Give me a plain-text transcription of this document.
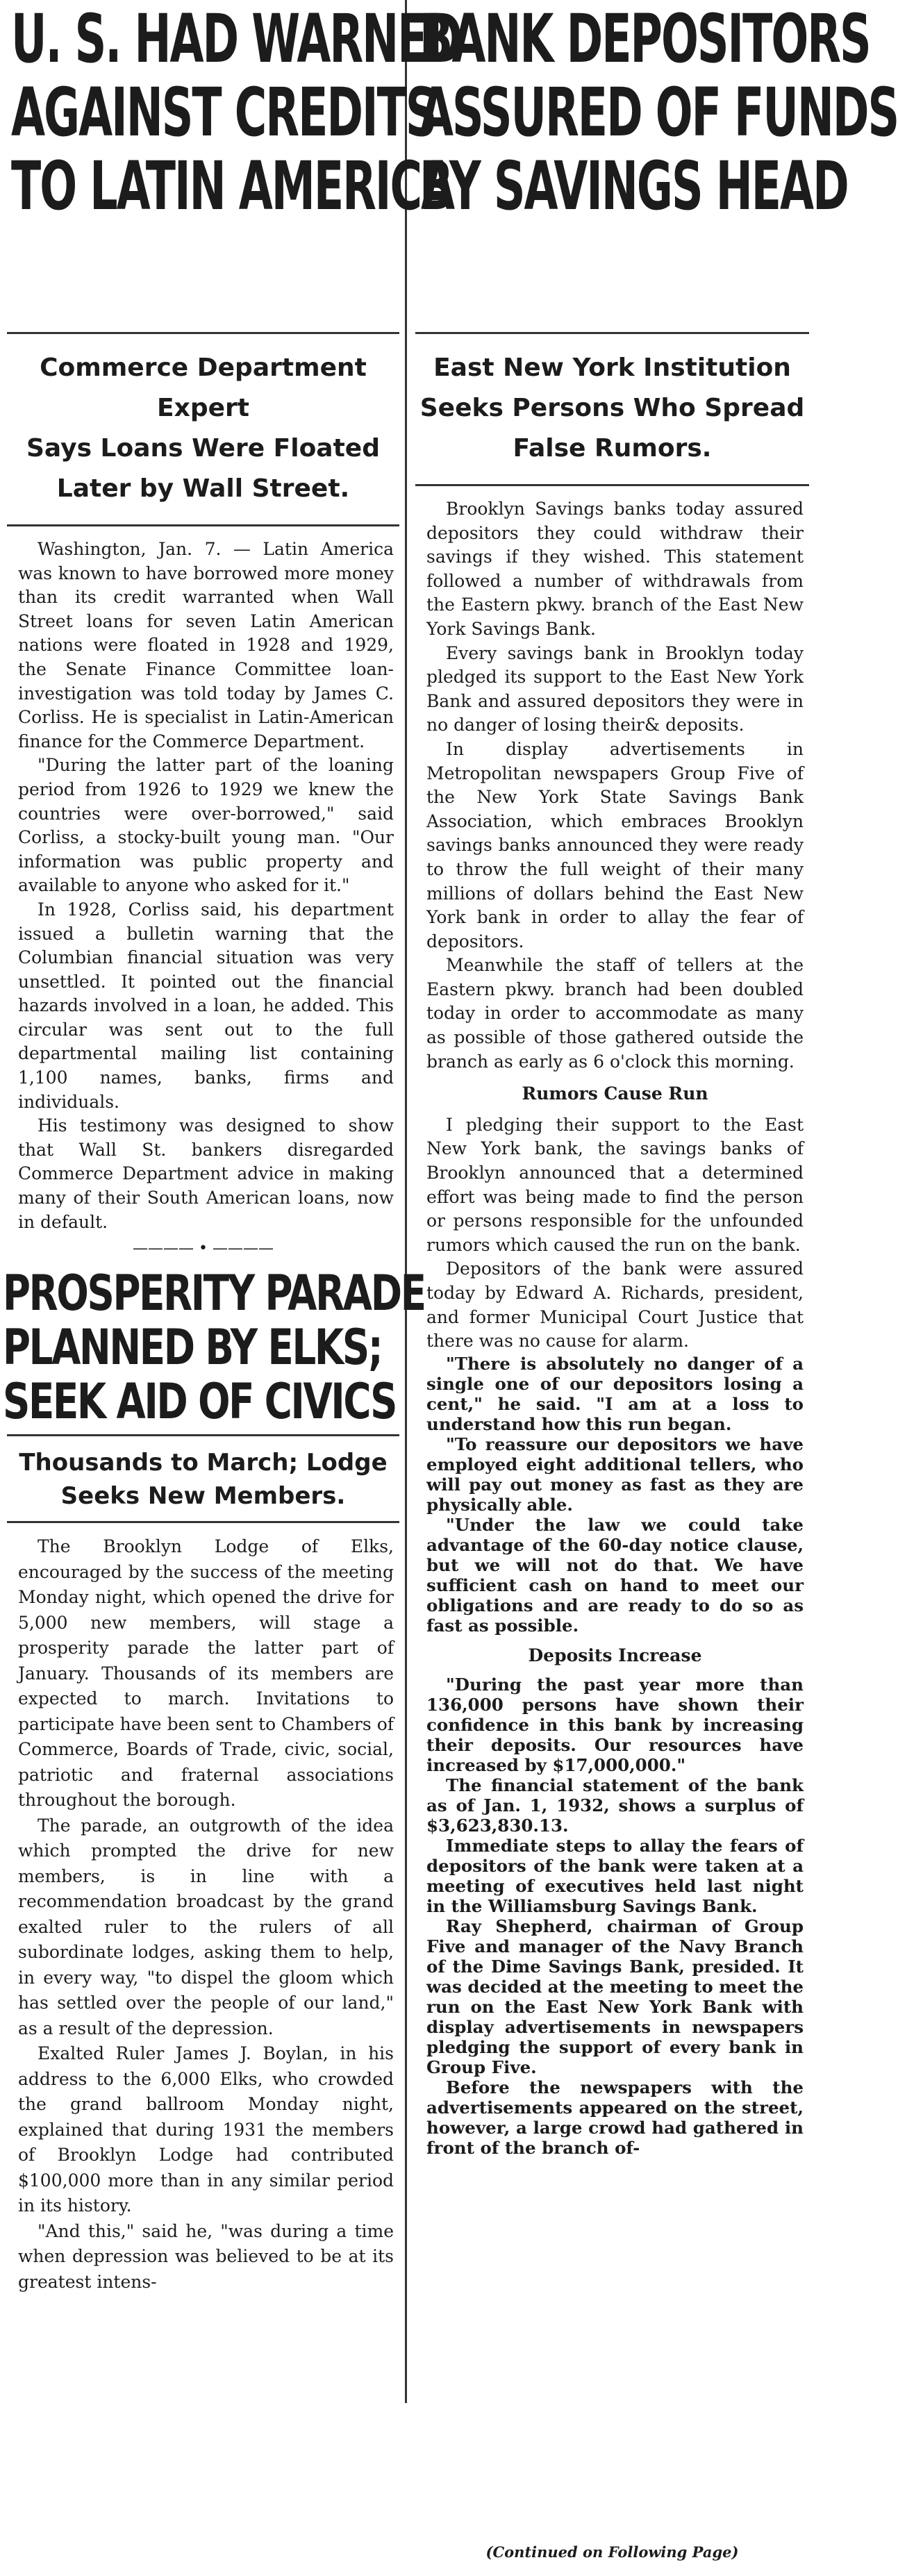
U. S. HAD WARNED
AGAINST CREDITS
TO LATIN AMERICA
Commerce Department Expert
Says Loans Were Floated
Later by Wall Street.

Washington, Jan. 7. — Latin America was known to have borrowed more money than its credit warranted when Wall Street loans for seven Latin American nations were floated in 1928 and 1929, the Senate Finance Committee loan-investigation was told today by James C. Corliss. He is specialist in Latin-American finance for the Commerce Department.

"During the latter part of the loaning period from 1926 to 1929 we knew the countries were over-borrowed," said Corliss, a stocky-built young man. "Our information was public property and available to anyone who asked for it."

In 1928, Corliss said, his department issued a bulletin warning that the Columbian financial situation was very unsettled. It pointed out the financial hazards involved in a loan, he added. This circular was sent out to the full departmental mailing list containing 1,100 names, banks, firms and individuals.

His testimony was designed to show that Wall St. bankers disregarded Commerce Department advice in making many of their South American loans, now in default.

———— • ————
PROSPERITY PARADE
PLANNED BY ELKS;
SEEK AID OF CIVICS
Thousands to March; Lodge
Seeks New Members.

The Brooklyn Lodge of Elks, encouraged by the success of the meeting Monday night, which opened the drive for 5,000 new members, will stage a prosperity parade the latter part of January. Thousands of its members are expected to march. Invitations to participate have been sent to Chambers of Commerce, Boards of Trade, civic, social, patriotic and fraternal associations throughout the borough.

The parade, an outgrowth of the idea which prompted the drive for new members, is in line with a recommendation broadcast by the grand exalted ruler to the rulers of all subordinate lodges, asking them to help, in every way, "to dispel the gloom which has settled over the people of our land," as a result of the depression.

Exalted Ruler James J. Boylan, in his address to the 6,000 Elks, who crowded the grand ballroom Monday night, explained that during 1931 the members of Brooklyn Lodge had contributed $100,000 more than in any similar period in its history.

"And this," said he, "was during a time when depression was believed to be at its greatest intens-

BANK DEPOSITORS
ASSURED OF FUNDS
BY SAVINGS HEAD
East New York Institution
Seeks Persons Who Spread
False Rumors.

Brooklyn Savings banks today assured depositors they could withdraw their savings if they wished. This statement followed a number of withdrawals from the Eastern pkwy. branch of the East New York Savings Bank.

Every savings bank in Brooklyn today pledged its support to the East New York Bank and assured depositors they were in no danger of losing their& deposits.

In display advertisements in Metropolitan newspapers Group Five of the New York State Savings Bank Association, which embraces Brooklyn savings banks announced they were ready to throw the full weight of their many millions of dollars behind the East New York bank in order to allay the fear of depositors.

Meanwhile the staff of tellers at the Eastern pkwy. branch had been doubled today in order to accommodate as many as possible of those gathered outside the branch as early as 6 o'clock this morning.

Rumors Cause Run

I pledging their support to the East New York bank, the savings banks of Brooklyn announced that a determined effort was being made to find the person or persons responsible for the unfounded rumors which caused the run on the bank.

Depositors of the bank were assured today by Edward A. Richards, president, and former Municipal Court Justice that there was no cause for alarm.

"There is absolutely no danger of a single one of our depositors losing a cent," he said. "I am at a loss to understand how this run began.

"To reassure our depositors we have employed eight additional tellers, who will pay out money as fast as they are physically able.

"Under the law we could take advantage of the 60-day notice clause, but we will not do that. We have sufficient cash on hand to meet our obligations and are ready to do so as fast as possible.

Deposits Increase

"During the past year more than 136,000 persons have shown their confidence in this bank by increasing their deposits. Our resources have increased by $17,000,000."

The financial statement of the bank as of Jan. 1, 1932, shows a surplus of $3,623,830.13.

Immediate steps to allay the fears of depositors of the bank were taken at a meeting of executives held last night in the Williamsburg Savings Bank.

Ray Shepherd, chairman of Group Five and manager of the Navy Branch of the Dime Savings Bank, presided. It was decided at the meeting to meet the run on the East New York Bank with display advertisements in newspapers pledging the support of every bank in Group Five.

Before the newspapers with the advertisements appeared on the street, however, a large crowd had gathered in front of the branch of-

(Continued on Following Page)
